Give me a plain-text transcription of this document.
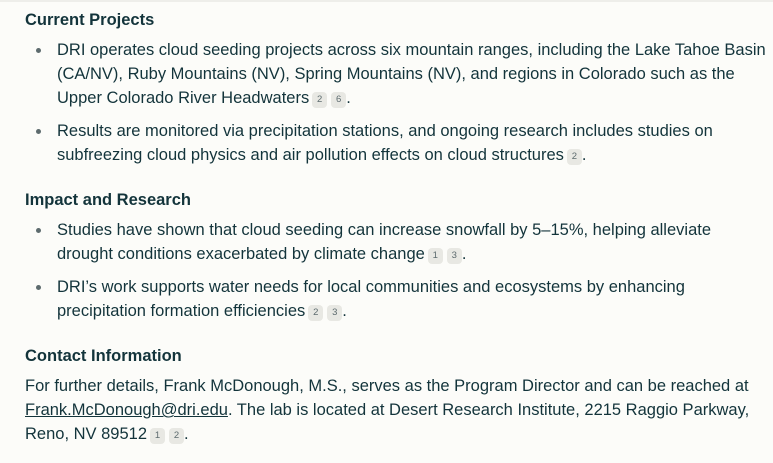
Current Projects
DRI operates cloud seeding projects across six mountain ranges, including the Lake Tahoe Basin (CA/NV), Ruby Mountains (NV), Spring Mountains (NV), and regions in Colorado such as the Upper Colorado River Headwaters 2 6 .
Results are monitored via precipitation stations, and ongoing research includes studies on subfreezing cloud physics and air pollution effects on cloud structures 2 .
Impact and Research
Studies have shown that cloud seeding can increase snowfall by 5–15%, helping alleviate drought conditions exacerbated by climate change 1 3 .
DRI’s work supports water needs for local communities and ecosystems by enhancing precipitation formation efficiencies 2 3 .
Contact Information

For further details, Frank McDonough, M.S., serves as the Program Director and can be reached at Frank.McDonough@dri.edu. The lab is located at Desert Research Institute, 2215 Raggio Parkway, Reno, NV 89512 1 2 .
